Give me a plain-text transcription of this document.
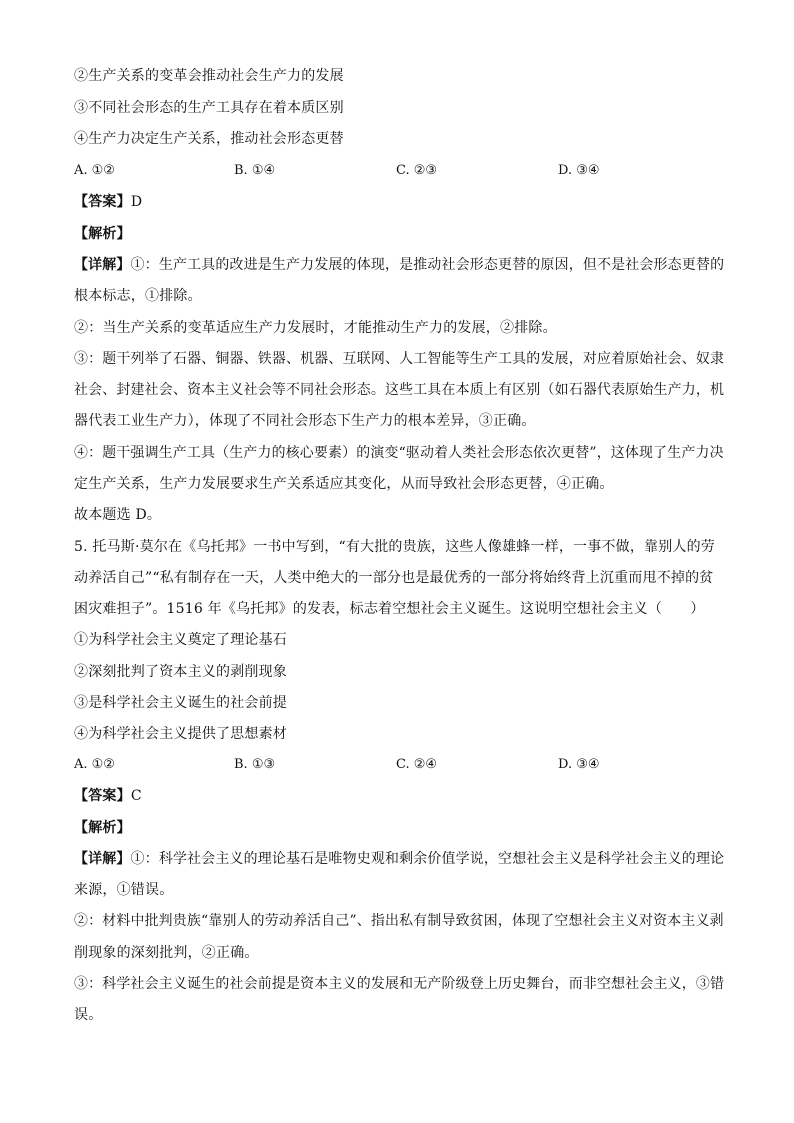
②生产关系的变革会推动社会生产力的发展
③不同社会形态的生产工具存在着本质区别
④生产力决定生产关系，推动社会形态更替
A. ①②	B. ①④	C. ②③	D. ③④
【答案】D
【解析】
【详解】①：生产工具的改进是生产力发展的体现，是推动社会形态更替的原因，但不是社会形态更替的
根本标志，①排除。
②：当生产关系的变革适应生产力发展时，才能推动生产力的发展，②排除。
③：题干列举了石器、铜器、铁器、机器、互联网、人工智能等生产工具的发展，对应着原始社会、奴隶
社会、封建社会、资本主义社会等不同社会形态。这些工具在本质上有区别（如石器代表原始生产力，机
器代表工业生产力），体现了不同社会形态下生产力的根本差异，③正确。
④：题干强调生产工具（生产力的核心要素）的演变“驱动着人类社会形态依次更替”，这体现了生产力决
定生产关系，生产力发展要求生产关系适应其变化，从而导致社会形态更替，④正确。
故本题选 D。
5. 托马斯·莫尔在《乌托邦》一书中写到，“有大批的贵族，这些人像雄蜂一样，一事不做，靠别人的劳
动养活自己”“私有制存在一天，人类中绝大的一部分也是最优秀的一部分将始终背上沉重而甩不掉的贫
困灾难担子”。1516 年《乌托邦》的发表，标志着空想社会主义诞生。这说明空想社会主义（　　）
①为科学社会主义奠定了理论基石
②深刻批判了资本主义的剥削现象
③是科学社会主义诞生的社会前提
④为科学社会主义提供了思想素材
A. ①②	B. ①③	C. ②④	D. ③④
【答案】C
【解析】
【详解】①：科学社会主义的理论基石是唯物史观和剩余价值学说，空想社会主义是科学社会主义的理论
来源，①错误。
②：材料中批判贵族“靠别人的劳动养活自己”、指出私有制导致贫困，体现了空想社会主义对资本主义剥
削现象的深刻批判，②正确。
③：科学社会主义诞生的社会前提是资本主义的发展和无产阶级登上历史舞台，而非空想社会主义，③错
误。
